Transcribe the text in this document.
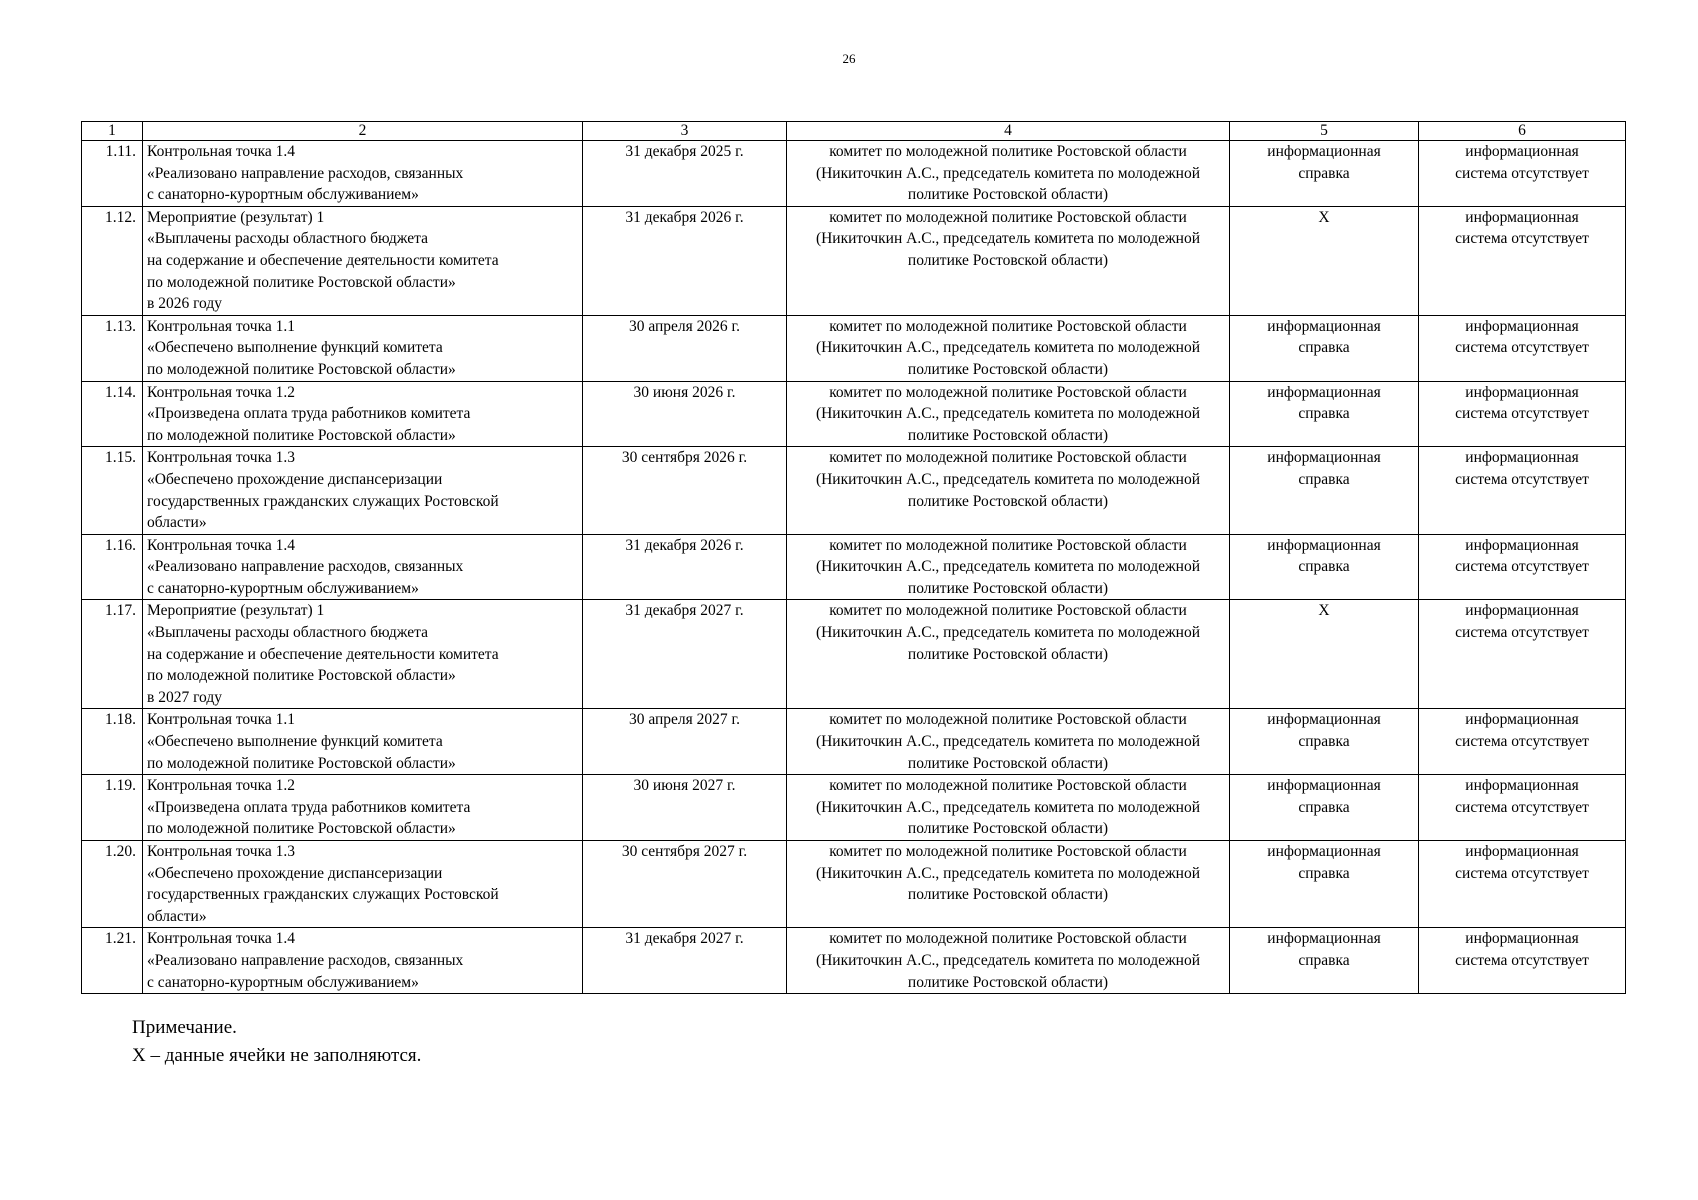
26
1	2	3	4	5	6
1.11.	Контрольная точка 1.4
«Реализовано направление расходов, связанных
с санаторно-курортным обслуживанием»	31 декабря 2025 г.	комитет по молодежной политике Ростовской области
(Никиточкин А.С., председатель комитета по молодежной
политике Ростовской области)	информационная
справка	информационная
система отсутствует
1.12.	Мероприятие (результат) 1
«Выплачены расходы областного бюджета
на содержание и обеспечение деятельности комитета
по молодежной политике Ростовской области»
в 2026 году	31 декабря 2026 г.	комитет по молодежной политике Ростовской области
(Никиточкин А.С., председатель комитета по молодежной
политике Ростовской области)	Х	информационная
система отсутствует
1.13.	Контрольная точка 1.1
«Обеспечено выполнение функций комитета
по молодежной политике Ростовской области»	30 апреля 2026 г.	комитет по молодежной политике Ростовской области
(Никиточкин А.С., председатель комитета по молодежной
политике Ростовской области)	информационная
справка	информационная
система отсутствует
1.14.	Контрольная точка 1.2
«Произведена оплата труда работников комитета
по молодежной политике Ростовской области»	30 июня 2026 г.	комитет по молодежной политике Ростовской области
(Никиточкин А.С., председатель комитета по молодежной
политике Ростовской области)	информационная
справка	информационная
система отсутствует
1.15.	Контрольная точка 1.3
«Обеспечено прохождение диспансеризации
государственных гражданских служащих Ростовской
области»	30 сентября 2026 г.	комитет по молодежной политике Ростовской области
(Никиточкин А.С., председатель комитета по молодежной
политике Ростовской области)	информационная
справка	информационная
система отсутствует
1.16.	Контрольная точка 1.4
«Реализовано направление расходов, связанных
с санаторно-курортным обслуживанием»	31 декабря 2026 г.	комитет по молодежной политике Ростовской области
(Никиточкин А.С., председатель комитета по молодежной
политике Ростовской области)	информационная
справка	информационная
система отсутствует
1.17.	Мероприятие (результат) 1
«Выплачены расходы областного бюджета
на содержание и обеспечение деятельности комитета
по молодежной политике Ростовской области»
в 2027 году	31 декабря 2027 г.	комитет по молодежной политике Ростовской области
(Никиточкин А.С., председатель комитета по молодежной
политике Ростовской области)	Х	информационная
система отсутствует
1.18.	Контрольная точка 1.1
«Обеспечено выполнение функций комитета
по молодежной политике Ростовской области»	30 апреля 2027 г.	комитет по молодежной политике Ростовской области
(Никиточкин А.С., председатель комитета по молодежной
политике Ростовской области)	информационная
справка	информационная
система отсутствует
1.19.	Контрольная точка 1.2
«Произведена оплата труда работников комитета
по молодежной политике Ростовской области»	30 июня 2027 г.	комитет по молодежной политике Ростовской области
(Никиточкин А.С., председатель комитета по молодежной
политике Ростовской области)	информационная
справка	информационная
система отсутствует
1.20.	Контрольная точка 1.3
«Обеспечено прохождение диспансеризации
государственных гражданских служащих Ростовской
области»	30 сентября 2027 г.	комитет по молодежной политике Ростовской области
(Никиточкин А.С., председатель комитета по молодежной
политике Ростовской области)	информационная
справка	информационная
система отсутствует
1.21.	Контрольная точка 1.4
«Реализовано направление расходов, связанных
с санаторно-курортным обслуживанием»	31 декабря 2027 г.	комитет по молодежной политике Ростовской области
(Никиточкин А.С., председатель комитета по молодежной
политике Ростовской области)	информационная
справка	информационная
система отсутствует
Примечание.
Х – данные ячейки не заполняются.
